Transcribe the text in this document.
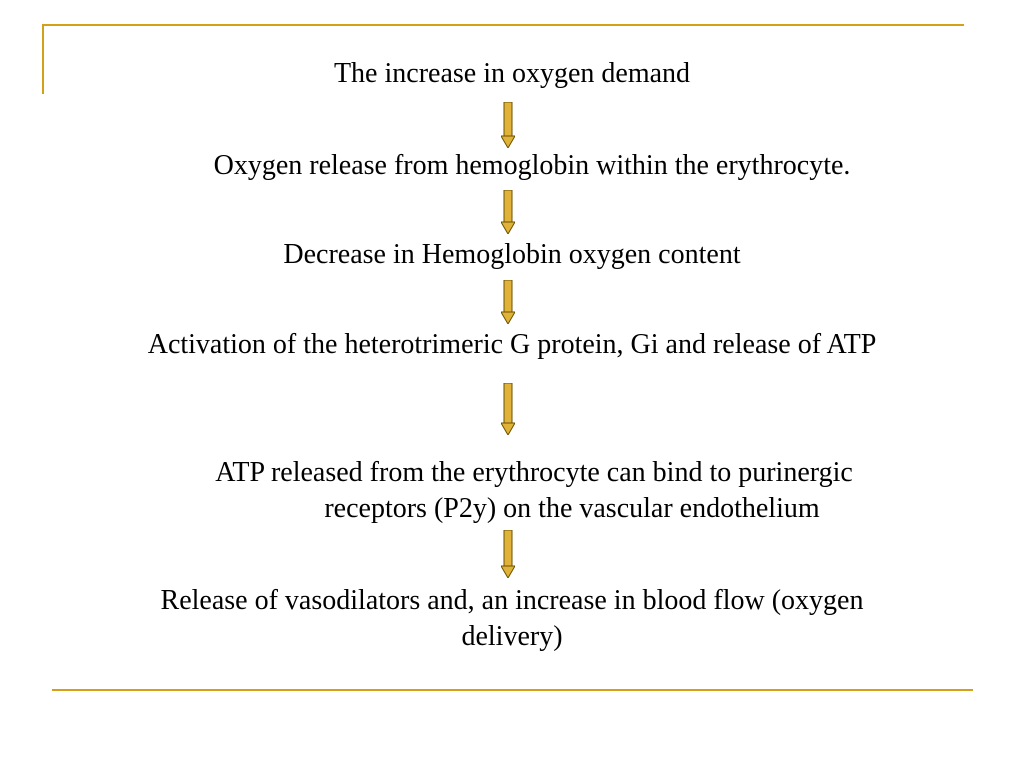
The increase in oxygen demand
Oxygen release from hemoglobin within the erythrocyte.
Decrease in Hemoglobin oxygen content
Activation of the heterotrimeric G protein, Gi and release of ATP
ATP released from the erythrocyte can bind to purinergic
receptors (P2y) on the vascular endothelium
Release of vasodilators and, an increase in blood flow (oxygen
delivery)
